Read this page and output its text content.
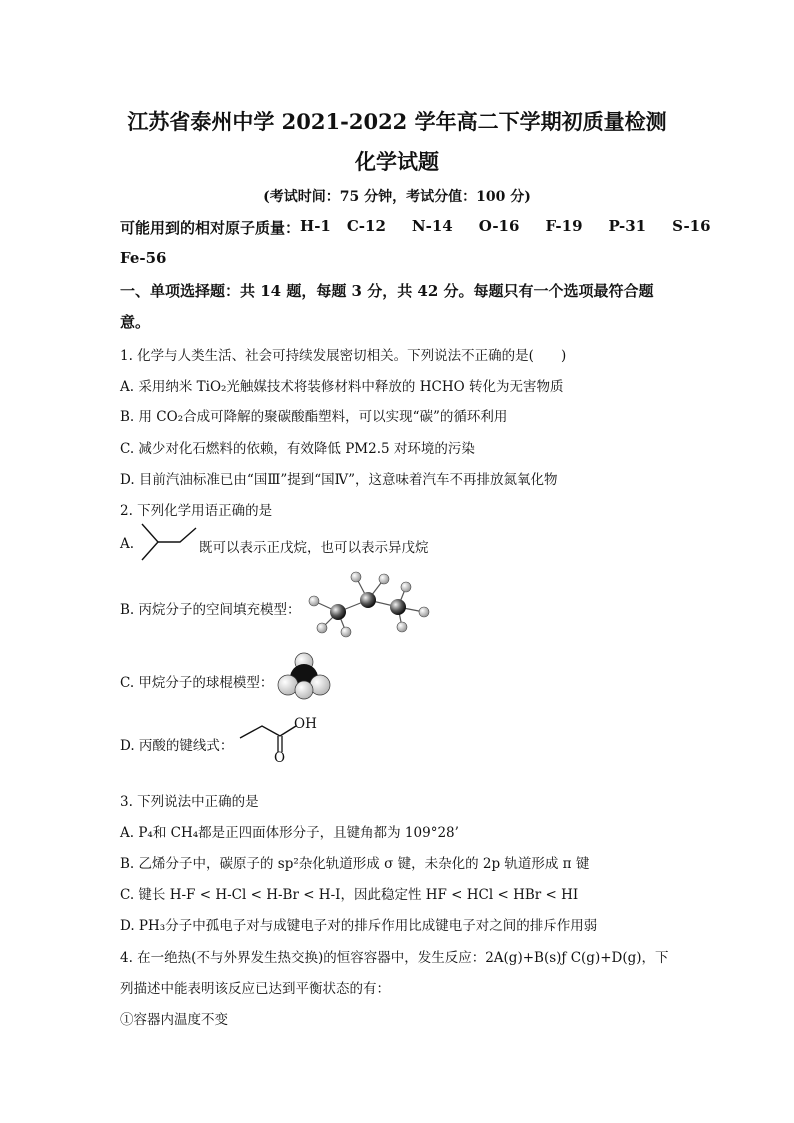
江苏省泰州中学 2021-2022 学年高二下学期初质量检测
化学试题
(考试时间：75 分钟，考试分值：100 分)
可能用到的相对原子质量： H-1 C-12 N-14 O-16 F-19 P-31 S-16
Fe-56
一、单项选择题：共 14 题，每题 3 分，共 42 分。每题只有一个选项最符合题
意。
1. 化学与人类生活、社会可持续发展密切相关。下列说法不正确的是(　　)
A. 采用纳米 TiO₂光触媒技术将装修材料中释放的 HCHO 转化为无害物质
B. 用 CO₂合成可降解的聚碳酸酯塑料，可以实现“碳”的循环利用
C. 减少对化石燃料的依赖，有效降低 PM2.5 对环境的污染
D. 目前汽油标准已由“国Ⅲ”提到“国Ⅳ”，这意味着汽车不再排放氮氧化物
2. 下列化学用语正确的是
A.	既可以表示正戊烷，也可以表示异戊烷
B. 丙烷分子的空间填充模型：
C. 甲烷分子的球棍模型：
D. 丙酸的键线式：
OH
O
3. 下列说法中正确的是
A. P₄和 CH₄都是正四面体形分子，且键角都为 109°28’
B. 乙烯分子中，碳原子的 sp²杂化轨道形成 σ 键，未杂化的 2p 轨道形成 π 键
C. 键长 H-F < H-Cl < H-Br < H-I，因此稳定性 HF < HCl < HBr < HI
D. PH₃分子中孤电子对与成键电子对的排斥作用比成键电子对之间的排斥作用弱
4. 在一绝热(不与外界发生热交换)的恒容容器中，发生反应：2A(g)+B(s)ƒ C(g)+D(g)，下
列描述中能表明该反应已达到平衡状态的有：
①容器内温度不变
